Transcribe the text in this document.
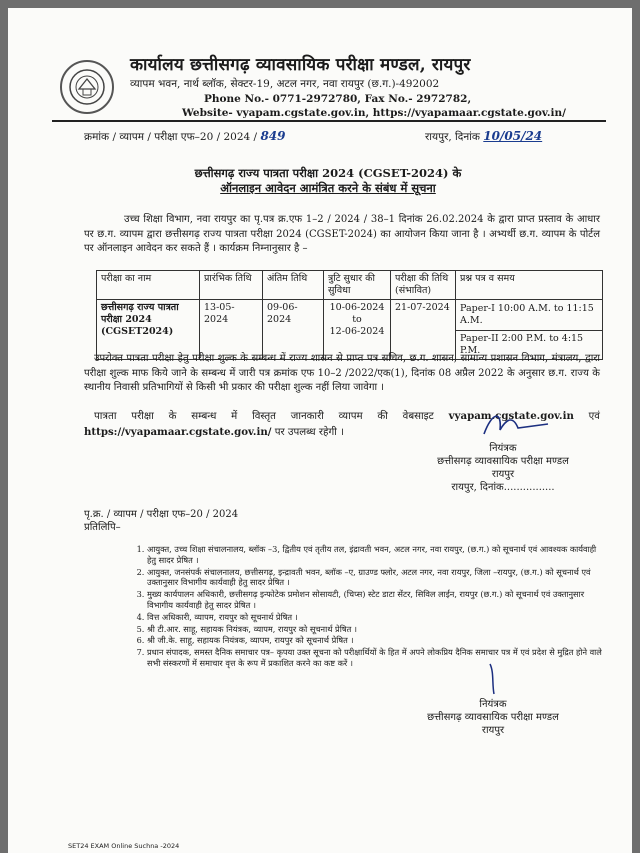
कार्यालय छत्तीसगढ़ व्यावसायिक परीक्षा मण्डल, रायपुर
व्यापम भवन, नार्थ ब्लॉक, सेक्टर-19, अटल नगर, नवा रायपुर (छ.ग.)-492002
Phone No.- 0771-2972780, Fax No.- 2972782,
Website- vyapam.cgstate.gov.in, https://vyapamaar.cgstate.gov.in/
क्रमांक / व्यापम / परीक्षा एफ–20 / 2024 / 849	रायपुर, दिनांक 10/05/24
छत्तीसगढ़ राज्य पात्रता परीक्षा 2024 (CGSET-2024) के
ऑनलाइन आवेदन आमंत्रित करने के संबंध में सूचना
उच्च शिक्षा विभाग, नवा रायपुर का पृ.पत्र क्र.एफ 1–2 / 2024 / 38–1 दिनांक 26.02.2024 के द्वारा प्राप्त प्रस्ताव के आधार पर छ.ग. व्यापम द्वारा छत्तीसगढ़ राज्य पात्रता परीक्षा 2024 (CGSET-2024) का आयोजन किया जाना है । अभ्यर्थी छ.ग. व्यापम के पोर्टल पर ऑनलाइन आवेदन कर सकते हैं । कार्यक्रम निम्नानुसार है –
परीक्षा का नाम	प्रारंभिक तिथि	अंतिम तिथि	त्रुटि सुधार की सुविधा	परीक्षा की तिथि (संभावित)	प्रश्न पत्र व समय
छत्तीसगढ़ राज्य पात्रता परीक्षा 2024 (CGSET2024)	13-05-2024	09-06-2024	10-06-2024
to
12-06-2024	21-07-2024	Paper-I 10:00 A.M. to 11:15 A.M.
					Paper-II 2:00 P.M. to 4:15 P.M.
उपरोक्त पात्रता परीक्षा हेतु परीक्षा शुल्क के सम्बन्ध में राज्य शासन से प्राप्त पत्र सचिव, छ.ग. शासन, सामान्य प्रशासन विभाग, मंत्रालय, द्वारा परीक्षा शुल्क माफ किये जाने के सम्बन्ध में जारी पत्र क्रमांक एफ 10–2 /2022/एक(1), दिनांक 08 अप्रैल 2022 के अनुसार छ.ग. राज्य के स्थानीय निवासी प्रतिभागियों से किसी भी प्रकार की परीक्षा शुल्क नहीं लिया जावेगा ।
पात्रता परीक्षा के सम्बन्ध में विस्तृत जानकारी व्यापम की वेबसाइट vyapam.cgstate.gov.in एवं https://vyapamaar.cgstate.gov.in/ पर उपलब्ध रहेगी ।
नियंत्रक
छत्तीसगढ़ व्यावसायिक परीक्षा मण्डल
रायपुर
रायपुर, दिनांक................
पृ.क्र. / व्यापम / परीक्षा एफ–20 / 2024
प्रतिलिपि–
1. आयुक्त, उच्च शिक्षा संचालनालय, ब्लॉक –3, द्वितीय एवं तृतीय तल, इंद्रावती भवन, अटल नगर, नवा रायपुर, (छ.ग.) को सूचनार्थ एवं आवश्यक कार्यवाही हेतु सादर प्रेषित ।
2. आयुक्त, जनसंपर्क संचालनालय, छत्तीसगढ़, इन्द्रावती भवन, ब्लॉक –ए, ग्राउण्ड फ्लोर, अटल नगर, नवा रायपुर, जिला –रायपुर, (छ.ग.) को सूचनार्थ एवं उक्तानुसार विभागीय कार्यवाही हेतु सादर प्रेषित ।
3. मुख्य कार्यपालन अधिकारी, छत्तीसगढ़ इन्फोटेक प्रमोशन सोसायटी, (चिप्स) स्टेट डाटा सेंटर, सिविल लाईन, रायपुर (छ.ग.) को सूचनार्थ एवं उक्तानुसार विभागीय कार्यवाही हेतु सादर प्रेषित ।
4. वित्त अधिकारी, व्यापम, रायपुर को सूचनार्थ प्रेषित ।
5. श्री टी.आर. साहू, सहायक नियंत्रक, व्यापम, रायपुर को सूचनार्थ प्रेषित ।
6. श्री जी.के. साहू, सहायक नियंत्रक, व्यापम, रायपुर को सूचनार्थ प्रेषित ।
7. प्रधान संपादक, समस्त दैनिक समाचार पत्र– कृपया उक्त सूचना को परीक्षार्थियों के हित में अपने लोकप्रिय दैनिक समाचार पत्र में एवं प्रदेश से मुद्रित होने वाले सभी संस्करणों में समाचार वृत्त के रूप में प्रकाशित करने का कष्ट करें ।
नियंत्रक
छत्तीसगढ़ व्यावसायिक परीक्षा मण्डल
रायपुर
SET24 EXAM Online Suchna -2024
